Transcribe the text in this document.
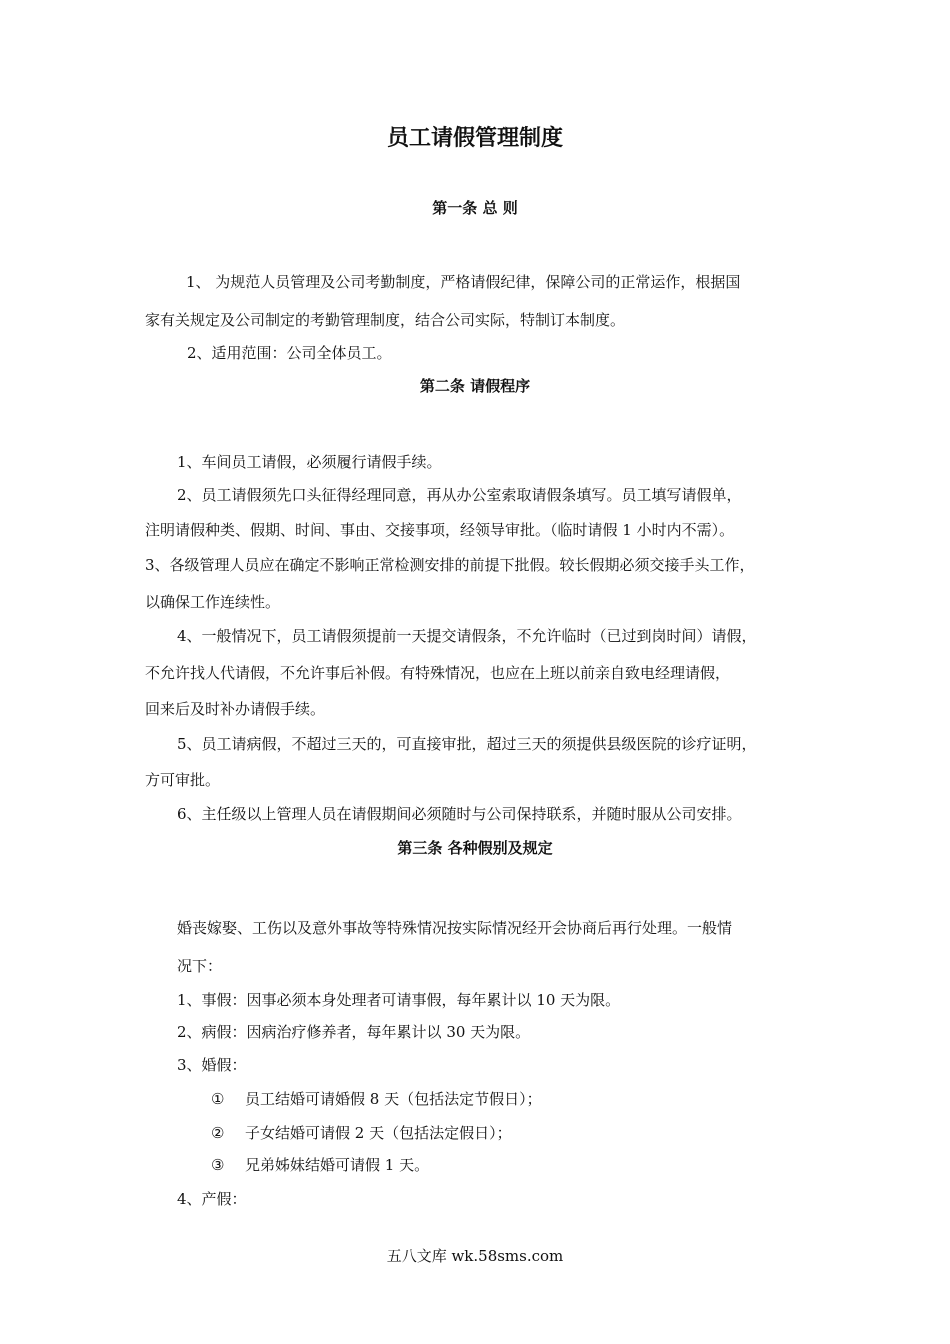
员工请假管理制度
第一条 总 则
1、 为规范人员管理及公司考勤制度，严格请假纪律，保障公司的正常运作，根据国
家有关规定及公司制定的考勤管理制度，结合公司实际，特制订本制度。
2、适用范围：公司全体员工。
第二条 请假程序
1、车间员工请假，必须履行请假手续。
2、员工请假须先口头征得经理同意，再从办公室索取请假条填写。员工填写请假单，
注明请假种类、假期、时间、事由、交接事项，经领导审批。（临时请假 1 小时内不需）。
3、各级管理人员应在确定不影响正常检测安排的前提下批假。较长假期必须交接手头工作，
以确保工作连续性。
4、一般情况下，员工请假须提前一天提交请假条，不允许临时（已过到岗时间）请假，
不允许找人代请假，不允许事后补假。有特殊情况，也应在上班以前亲自致电经理请假，
回来后及时补办请假手续。
5、员工请病假，不超过三天的，可直接审批，超过三天的须提供县级医院的诊疗证明，
方可审批。
6、主任级以上管理人员在请假期间必须随时与公司保持联系，并随时服从公司安排。
第三条 各种假别及规定
婚丧嫁娶、工伤以及意外事故等特殊情况按实际情况经开会协商后再行处理。一般情
况下：
1、事假：因事必须本身处理者可请事假，每年累计以 10 天为限。
2、病假：因病治疗修养者，每年累计以 30 天为限。
3、婚假：
① 员工结婚可请婚假 8 天（包括法定节假日）；
② 子女结婚可请假 2 天（包括法定假日）；
③ 兄弟姊妹结婚可请假 1 天。
4、产假：
五八文库 wk.58sms.com
